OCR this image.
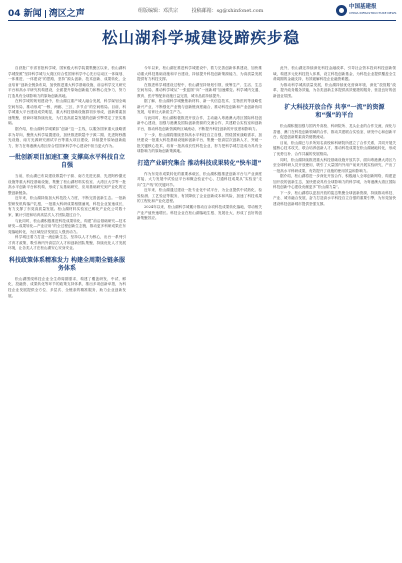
04 新闻 湾区之声	组版编辑：邓洪宗	投稿邮箱：sg@xhinfonet.com
中国基建报
CHINA INFRASTRUCTURE NEWS
松山湖科学城建设蹄疾步稳

自获批广东省首批科学城、国家级大科学装置集聚区以来，松山湖科学城按照“坚持科学城与大湾区综合性国家科学中心先行启动区一体谋划、一体推进、一体建设”的思路，坚持“源头创新、技术创新、成果转化、企业培育”创新全链条布局，加快推进重大科学基础设施、前沿科学交叉研究平台和高水平研究机构建设，全面提升原始创新能力和核心竞争力，努力打造具有全球影响力的原始创新高地。

在科学城的规划建设中，松山湖注重产城人融合发展，科学谋划全域空间布局，推动形成“一核、两廊、三区、多节点”的空间格局。目前，科学城重大平台建设成效明显，重大科技基础设施群初步形成，创新要素加速集聚，营商环境持续优化，为打造高质量发展的创新引擎奠定了坚实基础。

据介绍，松山湖科学城紧扣“创新”这一主线，以服务国家重大战略需求为导向，聚焦大科学装置建设，加快推进散裂中子源二期、先进阿秒激光设施、南方光源研究测试平台等重大项目建设，持续提升原始创新能力，努力在粤港澳大湾区综合性国家科学中心建设中担当更大作为。

一批创新项目加速汇聚 支撑高水平科技自立自强

当前，松山湖已布局建设散裂中子源、南方先进光源、先进阿秒激光设施等重大科技基础设施，集聚了松山湖材料实验室、大湾区大学等一批高水平创新平台和机构，形成了从基础研究、应用基础研究到产业化的完整创新链条。

近年来，松山湖持续加大科技投入力度，不断完善创新生态。一批新型研发机构落户扎根，一批重大科研成果相继涌现，科技企业加速成长，有力支撑了东莞高质量发展。松山湖材料实验室已孵化产业化公司数十家，累计引进和培育高层次人才团队超过百个。

与此同时，松山湖积极推进科技成果转化，构建“前沿基础研究—技术研发—成果转化—产业应用”的全过程创新生态链，推动更多科研成果在东莞落地转化，为区域经济发展注入强劲动力。

科学城还着力打造一流创新生态，坚持以人才为核心，出台一系列引才育才政策，吸引海内外高层次人才和创新团队集聚，持续优化人才发展环境，让各类人才在松山湖安心安身安业。

科技政策体系精准发力 构建全周期全链条服务体系

松山湖围绕科技企业全生命周期需求，构建了覆盖研发、中试、孵化、投融资、成果转化等环节的政策支持体系，推出多项创新举措，为科技企业发展提供全方位、多层次、全链条的精准服务，助力企业创新发展。

今年以来，松山湖在推进科学城建设中，着力完善创新体系建设，加快推动重大科技基础设施和平台建设，持续提升科技创新策源能力，为高质量发展提供有力科技支撑。

在推进科学城建设过程中，松山湖坚持规划引领，统筹生产、生活、生态空间布局，推动科学城从“一张蓝图”向“一座新城”加速蝶变。科学城内交通、教育、医疗等配套设施日益完善，城市品质持续提升。

据了解，松山湖科学城聚焦新材料、新一代信息技术、生物医药等战略性新兴产业，不断强化产业链与创新链深度融合，推动科技创新和产业创新协同发展，培育壮大新质生产力。

与此同时，松山湖积极推进开放合作，主动融入粤港澳大湾区国际科技创新中心建设，加强与港澳及国际创新资源的交流合作，共建联合实验室和创新平台，推动科技创新资源跨区域流动，不断提升科技创新的开放度和影响力。

下一步，松山湖将继续坚持高水平科技自立自强，围绕国家战略需求，加快建设一批重大科技基础设施和创新平台，集聚一批高层次创新人才，突破一批关键核心技术，培育一批高成长性科技企业，努力把科学城打造成为具有全球影响力的原始创新策源地。

打造产业研究集合 推动科技成果转化“快车道”

作为东莞市成果转化的重要承载区，松山湖积极推进创新平台与产业深度对接，大力发展中试验证平台和概念验证中心，打通科技成果从“实验室”走向“生产线”的关键环节。

近年来，松山湖通过建设一批专业化中试平台，为企业提供中试熟化、检验检测、工艺验证等服务，有效降低了企业创新成本和风险，加速了科技成果的工程化和产业化进程。

2024年以来，松山湖科学城累计推动百余项科技成果转化落地，带动相关产业产值快速增长。科技企业在松山湖落地生根、发展壮大，形成了良好的创新集聚效应。

此外，松山湖还持续深化科技金融改革，引导社会资本投向科技创新领域，构建多元化科技投入体系，设立科技创新基金，为科技企业提供覆盖全生命周期的金融支持，有效破解科技企业融资难题。

为推动科学城高质量发展，松山湖持续优化营商环境，深化“放管服”改革，提升政务服务效能，为各类创新主体提供高效便捷的服务，营造良好的创新创业氛围。

扩大科技开放合作 共享“一流”的资源和“强”的平台

松山湖积极加强与国内外高校、科研院所、龙头企业的合作交流，深化与香港、澳门在科技创新领域的合作，推动共建联合实验室、研发中心和创新平台，促进创新要素高效便捷流动。

目前，松山湖已与多所知名高校和科研院所建立了合作关系，共同开展关键核心技术攻关，联合培养创新人才，推动科技成果在松山湖就地转化，形成了优势互补、合作共赢的发展格局。

同时，松山湖持续推进重大科技基础设施开放共享，面向粤港澳大湾区乃至全球科研人员开放使用，吸引了大量国内外用户前来开展实验研究，产出了一批高水平科研成果，有效提升了设施的使用效益和影响力。

据介绍，松山湖将进一步深化开放合作，积极融入全球创新网络，构建更加开放的创新生态，加快建设具有全球影响力的科学城，为粤港澳大湾区国际科技创新中心建设贡献更多“松山湖力量”。

下一步，松山湖将以更加开放的姿态集聚全球创新资源，持续推动科技、产业、城市融合发展，奋力打造高水平科技自立自强的重要引擎，为东莞加快建设科技创新城市提供坚强支撑。
